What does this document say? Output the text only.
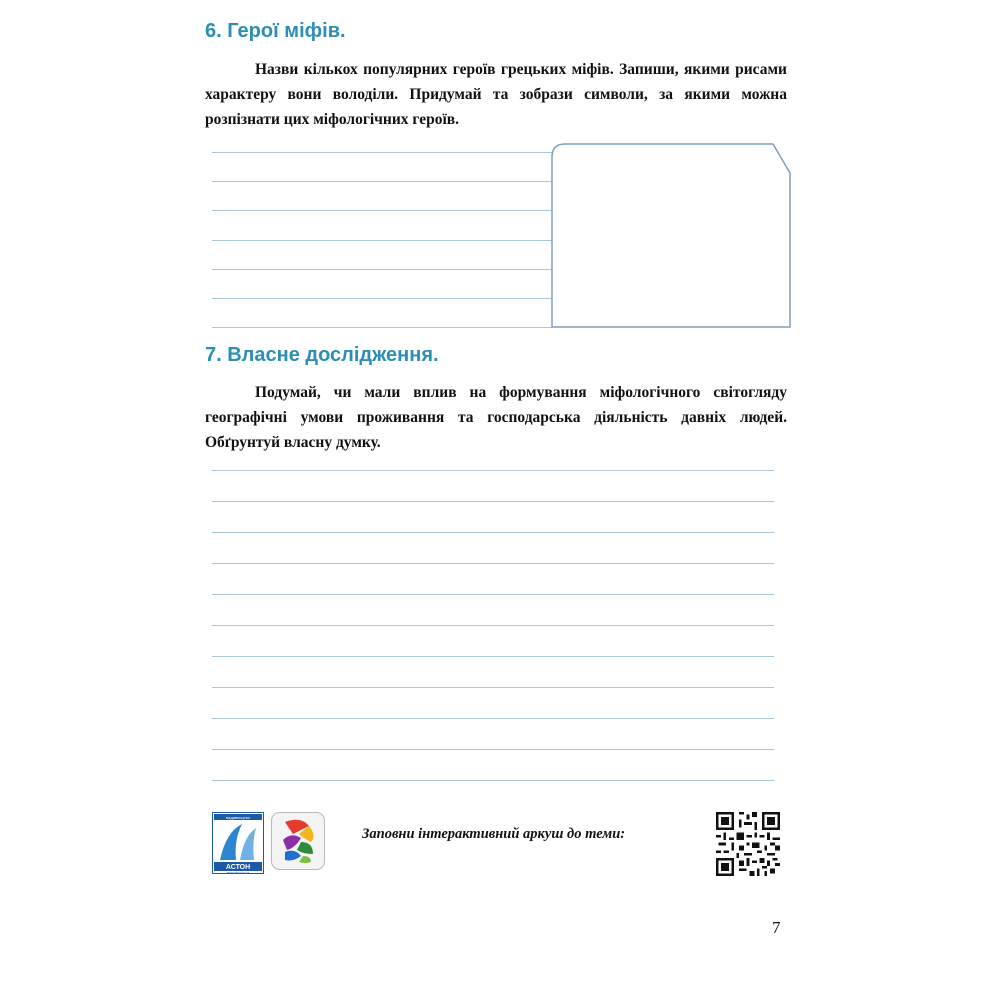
6. Герої міфів.

Назви кількох популярних героїв грецьких міфів. Запиши, якими рисами характеру вони володіли. Придумай та зобрази символи, за якими можна розпізнати цих міфологічних героїв.

7. Власне дослідження.

Подумай, чи мали вплив на формування міфологічного світогляду географічні умови проживання та господарська діяльність давніх людей. Обґрунтуй власну думку.

видавництво
АСТОН
www.aston.te.ua

Заповни інтерактивний аркуш до теми:

7
